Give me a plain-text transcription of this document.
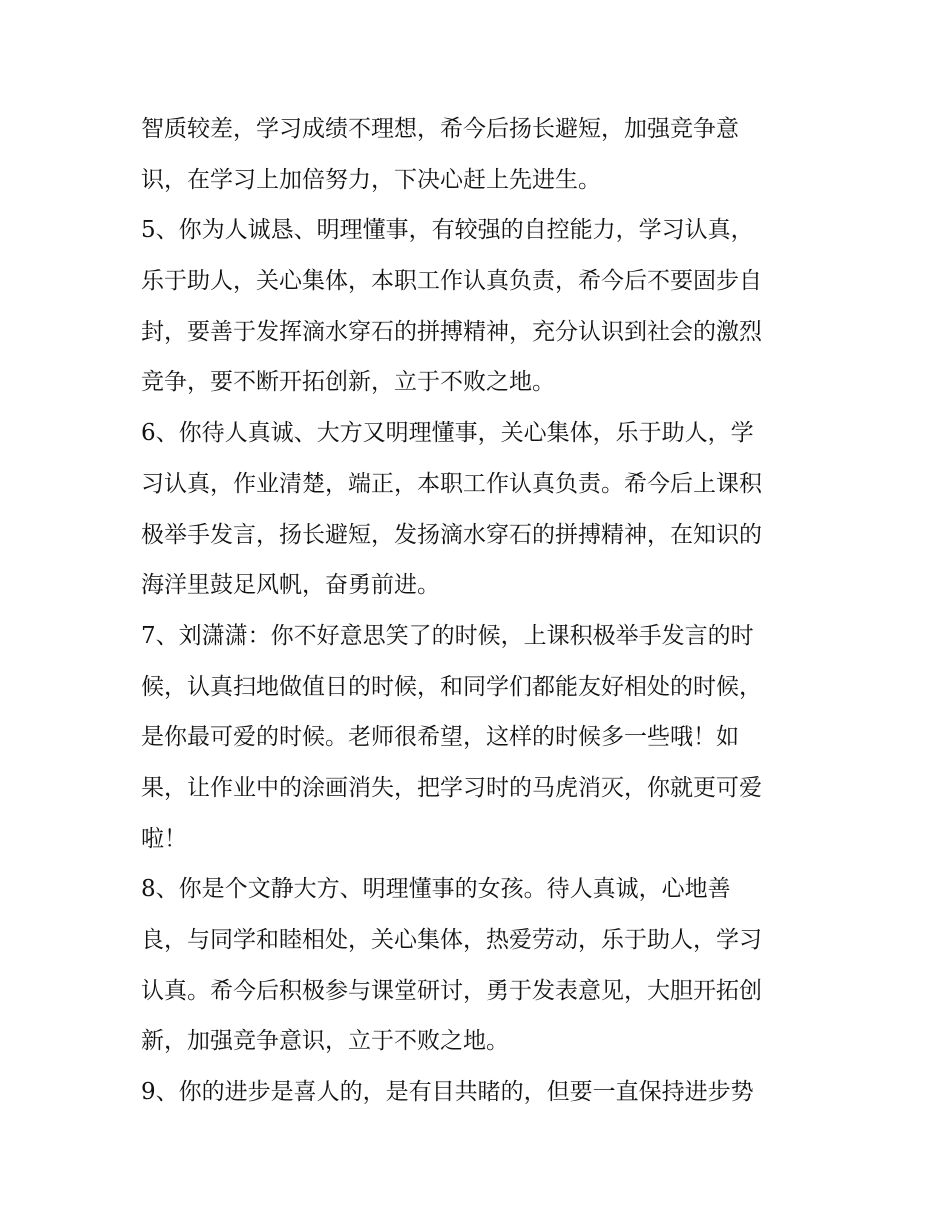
智质较差，学习成绩不理想，希今后扬长避短，加强竞争意
识，在学习上加倍努力，下决心赶上先进生。
5、你为人诚恳、明理懂事，有较强的自控能力，学习认真，
乐于助人，关心集体，本职工作认真负责，希今后不要固步自
封，要善于发挥滴水穿石的拼搏精神，充分认识到社会的激烈
竞争，要不断开拓创新，立于不败之地。
6、你待人真诚、大方又明理懂事，关心集体，乐于助人，学
习认真，作业清楚，端正，本职工作认真负责。希今后上课积
极举手发言，扬长避短，发扬滴水穿石的拼搏精神，在知识的
海洋里鼓足风帆，奋勇前进。
7、刘潇潇：你不好意思笑了的时候，上课积极举手发言的时
候，认真扫地做值日的时候，和同学们都能友好相处的时候，
是你最可爱的时候。老师很希望，这样的时候多一些哦！如
果，让作业中的涂画消失，把学习时的马虎消灭，你就更可爱
啦！
8、你是个文静大方、明理懂事的女孩。待人真诚，心地善
良，与同学和睦相处，关心集体，热爱劳动，乐于助人，学习
认真。希今后积极参与课堂研讨，勇于发表意见，大胆开拓创
新，加强竞争意识，立于不败之地。
9、你的进步是喜人的，是有目共睹的，但要一直保持进步势
